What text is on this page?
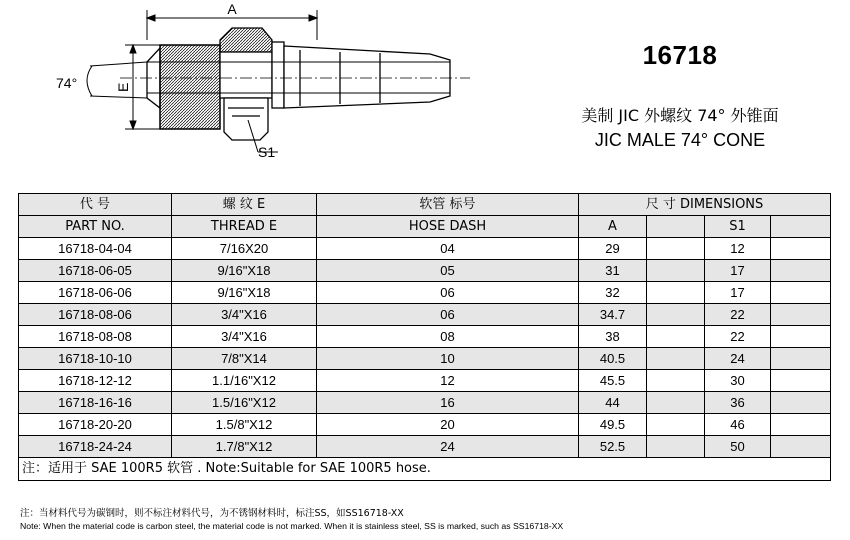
A
74°	E
S1
16718
美制 JIC 外螺纹 74° 外锥面
JIC MALE 74° CONE
代 号	螺 纹 E	软管 标号	尺 寸 DIMENSIONS			
PART NO.	THREAD E	HOSE DASH	A		S1	
16718-04-04	7/16X20	04	29		12	
16718-06-05	9/16"X18	05	31		17	
16718-06-06	9/16"X18	06	32		17	
16718-08-06	3/4"X16	06	34.7		22	
16718-08-08	3/4"X16	08	38		22	
16718-10-10	7/8"X14	10	40.5		24	
16718-12-12	1.1/16"X12	12	45.5		30	
16718-16-16	1.5/16"X12	16	44		36	
16718-20-20	1.5/8"X12	20	49.5		46	
16718-24-24	1.7/8"X12	24	52.5		50	
注：适用于 SAE 100R5 软管 . Note:Suitable for SAE 100R5 hose.						
注：当材料代号为碳钢时，则不标注材料代号，为不锈钢材料时，标注SS，如SS16718-XX
Note: When the material code is carbon steel, the material code is not marked. When it is stainless steel, SS is marked, such as SS16718-XX
